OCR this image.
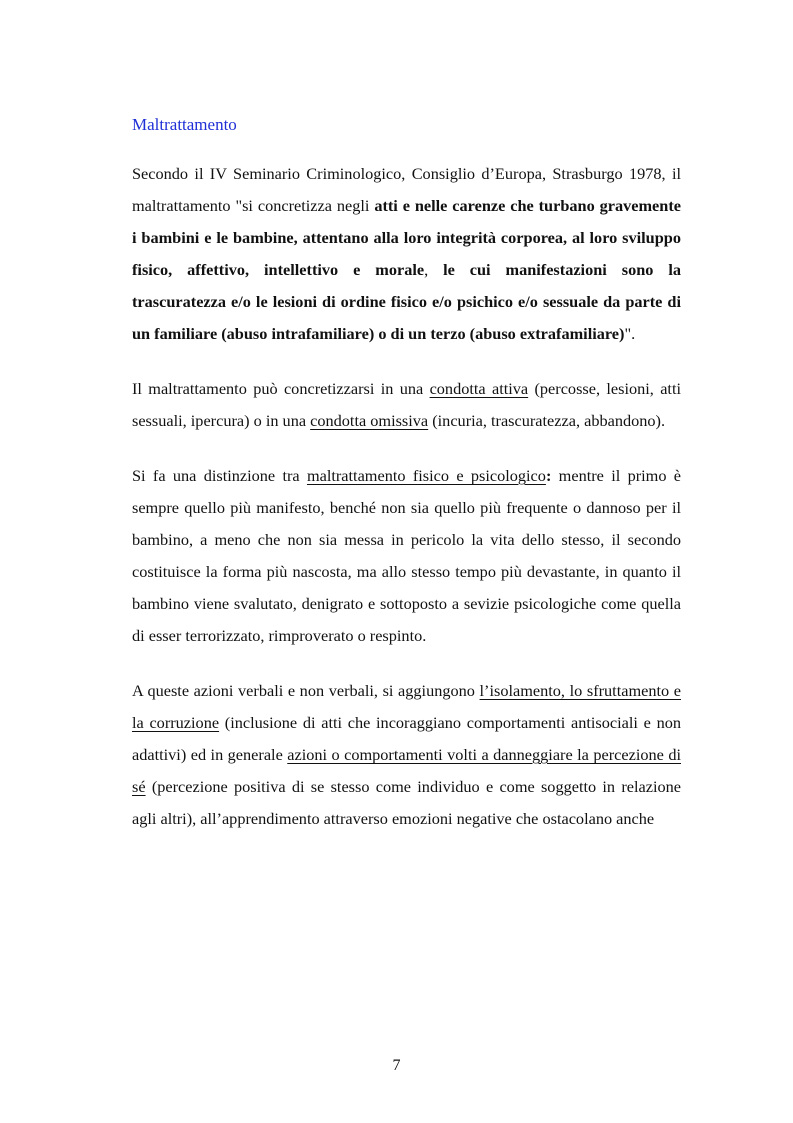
Maltrattamento

Secondo il IV Seminario Criminologico, Consiglio d’Europa, Strasburgo 1978, il maltrattamento "si concretizza negli atti e nelle carenze che turbano gravemente i bambini e le bambine, attentano alla loro integrità corporea, al loro sviluppo fisico, affettivo, intellettivo e morale, le cui manifestazioni sono la trascuratezza e/o le lesioni di ordine fisico e/o psichico e/o sessuale da parte di un familiare (abuso intrafamiliare) o di un terzo (abuso extrafamiliare)".

Il maltrattamento può concretizzarsi in una condotta attiva (percosse, lesioni, atti sessuali, ipercura) o in una condotta omissiva (incuria, trascuratezza, abbandono).

Si fa una distinzione tra maltrattamento fisico e psicologico: mentre il primo è sempre quello più manifesto, benché non sia quello più frequente o dannoso per il bambino, a meno che non sia messa in pericolo la vita dello stesso, il secondo costituisce la forma più nascosta, ma allo stesso tempo più devastante, in quanto il bambino viene svalutato, denigrato e sottoposto a sevizie psicologiche come quella di esser terrorizzato, rimproverato o respinto.

A queste azioni verbali e non verbali, si aggiungono l’isolamento, lo sfruttamento e la corruzione (inclusione di atti che incoraggiano comportamenti antisociali e non adattivi) ed in generale azioni o comportamenti volti a danneggiare la percezione di sé (percezione positiva di se stesso come individuo e come soggetto in relazione agli altri), all’apprendimento attraverso emozioni negative che ostacolano anche

7
